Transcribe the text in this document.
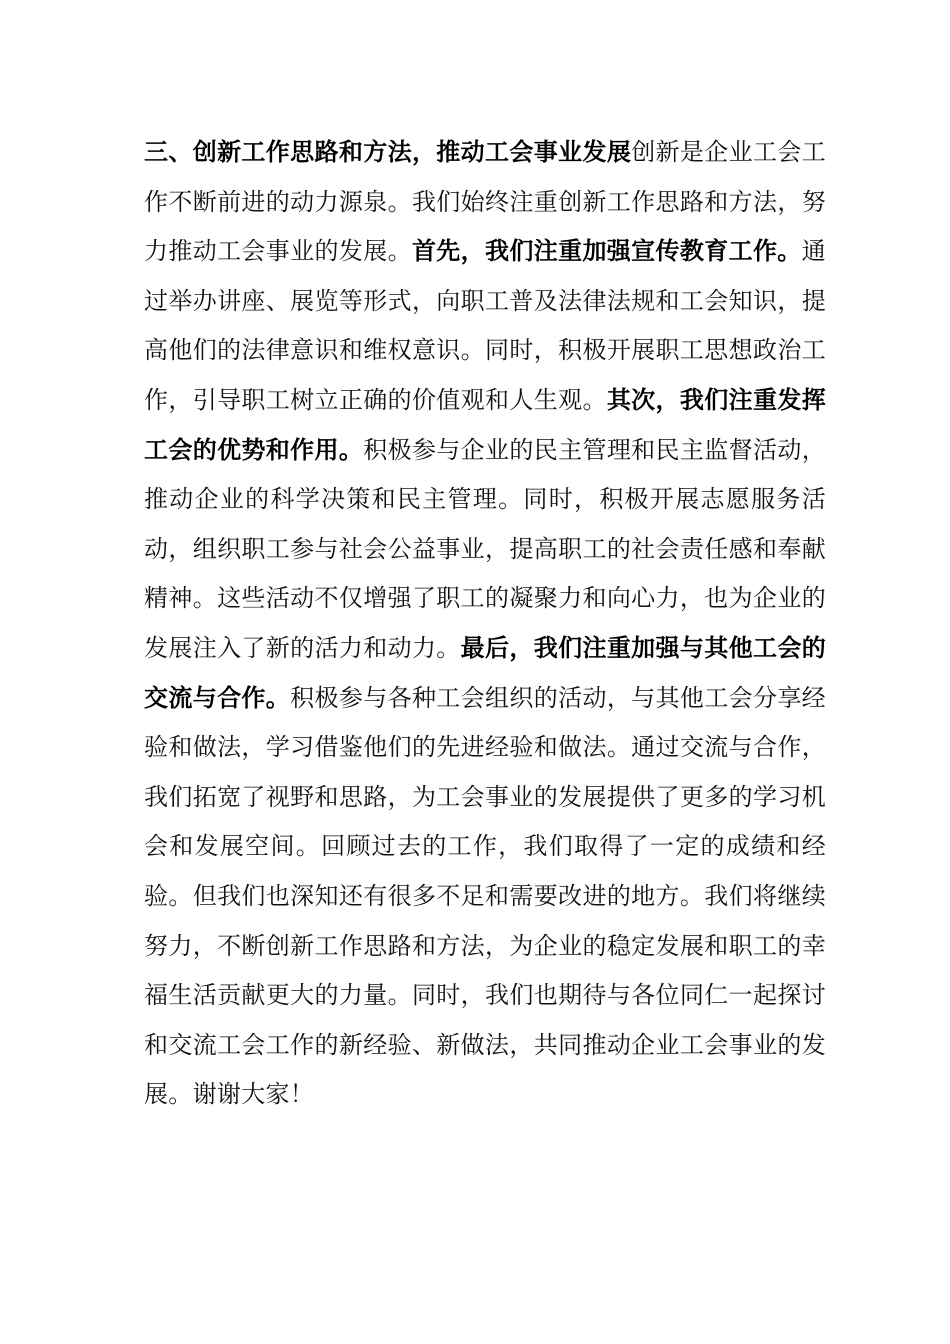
三、创新工作思路和方法，推动工会事业发展创新是企业工会工作不断前进的动力源泉。我们始终注重创新工作思路和方法，努力推动工会事业的发展。首先，我们注重加强宣传教育工作。通过举办讲座、展览等形式，向职工普及法律法规和工会知识，提高他们的法律意识和维权意识。同时，积极开展职工思想政治工作，引导职工树立正确的价值观和人生观。其次，我们注重发挥工会的优势和作用。积极参与企业的民主管理和民主监督活动，推动企业的科学决策和民主管理。同时，积极开展志愿服务活动，组织职工参与社会公益事业，提高职工的社会责任感和奉献精神。这些活动不仅增强了职工的凝聚力和向心力，也为企业的发展注入了新的活力和动力。最后，我们注重加强与其他工会的交流与合作。积极参与各种工会组织的活动，与其他工会分享经验和做法，学习借鉴他们的先进经验和做法。通过交流与合作，我们拓宽了视野和思路，为工会事业的发展提供了更多的学习机会和发展空间。回顾过去的工作，我们取得了一定的成绩和经验。但我们也深知还有很多不足和需要改进的地方。我们将继续努力，不断创新工作思路和方法，为企业的稳定发展和职工的幸福生活贡献更大的力量。同时，我们也期待与各位同仁一起探讨和交流工会工作的新经验、新做法，共同推动企业工会事业的发展。谢谢大家！
